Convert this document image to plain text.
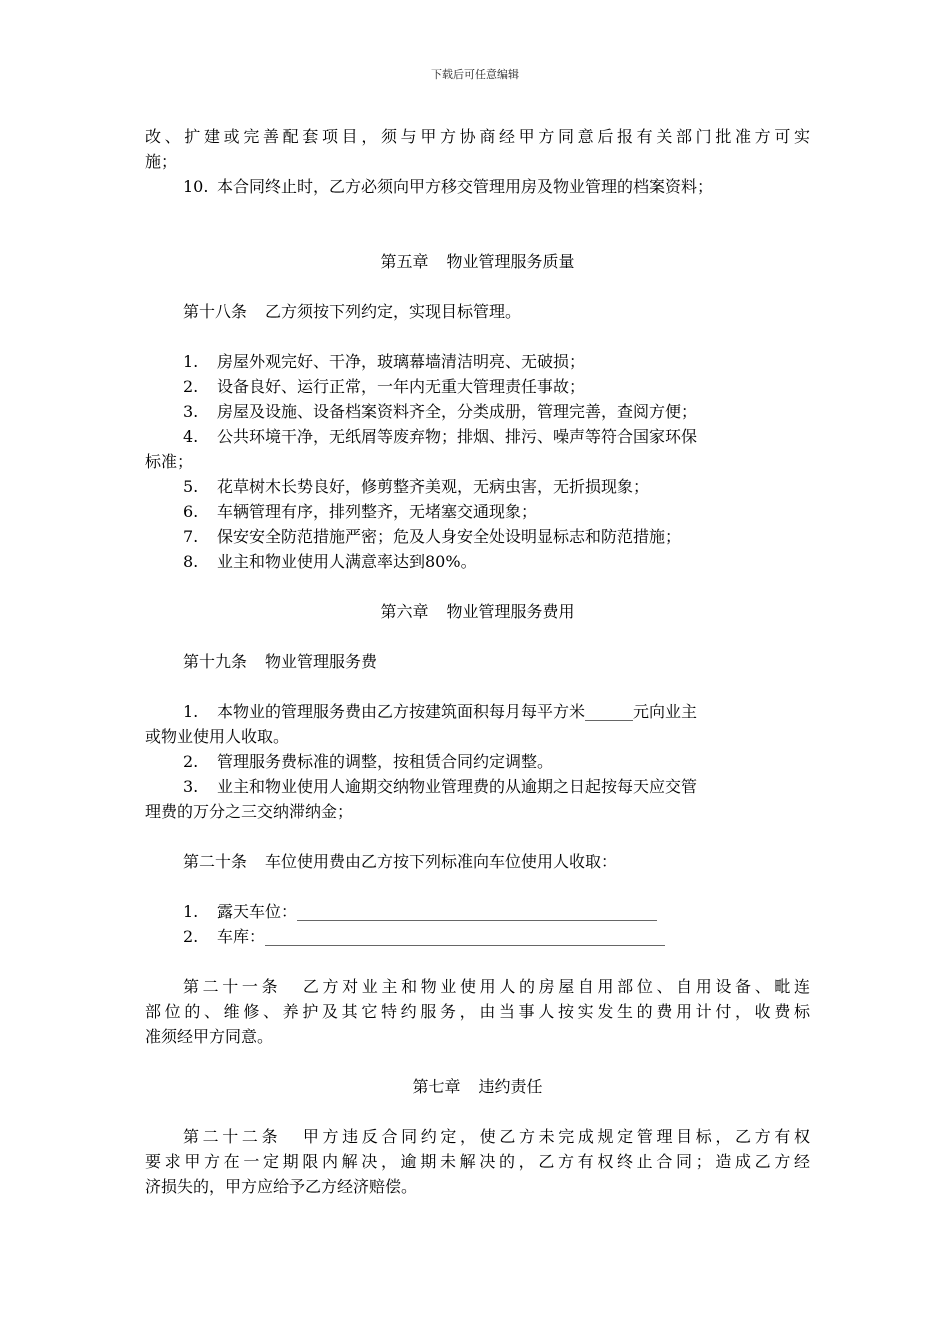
下载后可任意编辑

改、扩建或完善配套项目，须与甲方协商经甲方同意后报有关部门批准方可实

施；

10. 本合同终止时，乙方必须向甲方移交管理用房及物业管理的档案资料；

第五章 物业管理服务质量

第十八条 乙方须按下列约定，实现目标管理。

1. 房屋外观完好、干净，玻璃幕墙清洁明亮、无破损；

2. 设备良好、运行正常，一年内无重大管理责任事故；

3. 房屋及设施、设备档案资料齐全，分类成册，管理完善，查阅方便；

4. 公共环境干净，无纸屑等废弃物；排烟、排污、噪声等符合国家环保

标准；

5. 花草树木长势良好，修剪整齐美观，无病虫害，无折损现象；

6. 车辆管理有序，排列整齐，无堵塞交通现象；

7. 保安安全防范措施严密；危及人身安全处设明显标志和防范措施；

8. 业主和物业使用人满意率达到80%。

第六章 物业管理服务费用

第十九条 物业管理服务费

1. 本物业的管理服务费由乙方按建筑面积每月每平方米______元向业主

或物业使用人收取。

2. 管理服务费标准的调整，按租赁合同约定调整。

3. 业主和物业使用人逾期交纳物业管理费的从逾期之日起按每天应交管

理费的万分之三交纳滞纳金；

第二十条 车位使用费由乙方按下列标准向车位使用人收取：

1. 露天车位：_____________________________________________

2. 车库：__________________________________________________

第二十一条 乙方对业主和物业使用人的房屋自用部位、自用设备、毗连

部位的、维修、养护及其它特约服务，由当事人按实发生的费用计付，收费标

准须经甲方同意。

第七章 违约责任

第二十二条 甲方违反合同约定，使乙方未完成规定管理目标，乙方有权

要求甲方在一定期限内解决，逾期未解决的，乙方有权终止合同；造成乙方经

济损失的，甲方应给予乙方经济赔偿。
